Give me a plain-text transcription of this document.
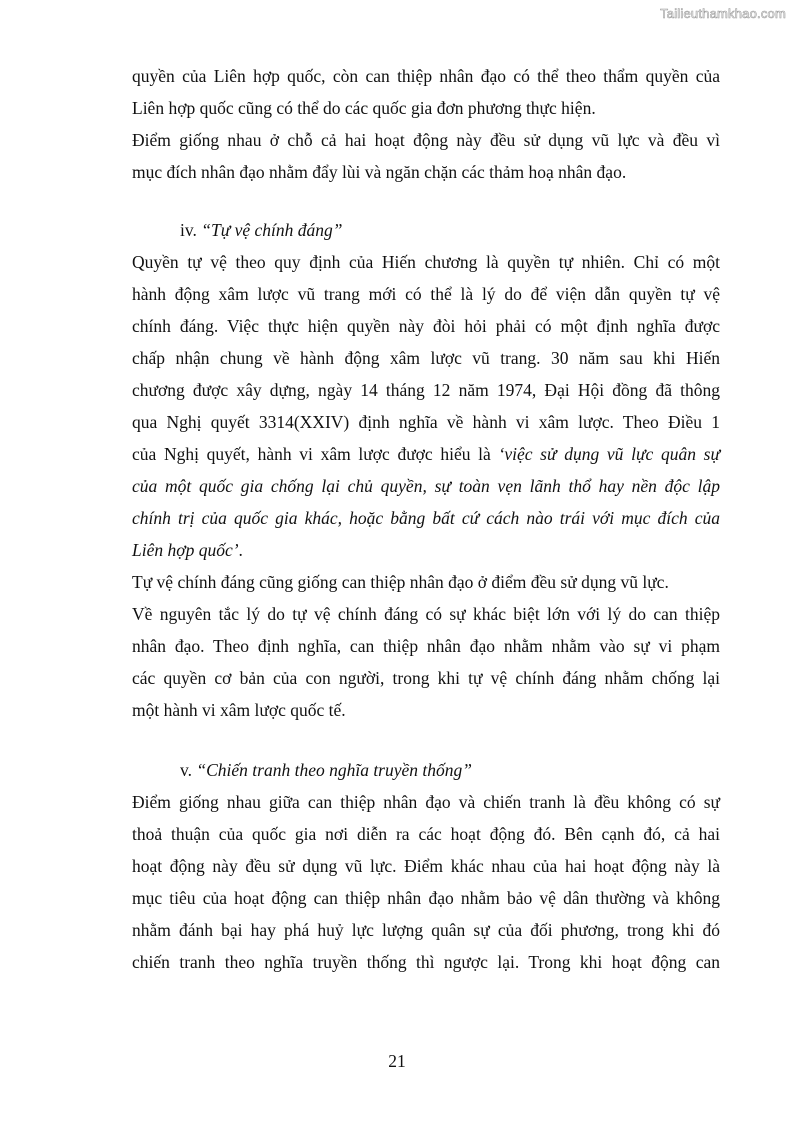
Tailieuthamkhao.com
quyền của Liên hợp quốc, còn can thiệp nhân đạo có thể theo thẩm quyền của
Liên hợp quốc cũng có thể do các quốc gia đơn phương thực hiện.
Điểm giống nhau ở chỗ cả hai hoạt động này đều sử dụng vũ lực và đều vì
mục đích nhân đạo nhằm đẩy lùi và ngăn chặn các thảm hoạ nhân đạo.
iv. “Tự vệ chính đáng”
Quyền tự vệ theo quy định của Hiến chương là quyền tự nhiên. Chỉ có một
hành động xâm lược vũ trang mới có thể là lý do để viện dẫn quyền tự vệ
chính đáng. Việc thực hiện quyền này đòi hỏi phải có một định nghĩa được
chấp nhận chung về hành động xâm lược vũ trang. 30 năm sau khi Hiến
chương được xây dựng, ngày 14 tháng 12 năm 1974, Đại Hội đồng đã thông
qua Nghị quyết 3314(XXIV) định nghĩa về hành vi xâm lược. Theo Điều 1
của Nghị quyết, hành vi xâm lược được hiểu là ‘việc sử dụng vũ lực quân sự
của một quốc gia chống lại chủ quyền, sự toàn vẹn lãnh thổ hay nền độc lập
chính trị của quốc gia khác, hoặc bằng bất cứ cách nào trái với mục đích của
Liên hợp quốc’.
Tự vệ chính đáng cũng giống can thiệp nhân đạo ở điểm đều sử dụng vũ lực.
Về nguyên tắc lý do tự vệ chính đáng có sự khác biệt lớn với lý do can thiệp
nhân đạo. Theo định nghĩa, can thiệp nhân đạo nhằm nhằm vào sự vi phạm
các quyền cơ bản của con người, trong khi tự vệ chính đáng nhằm chống lại
một hành vi xâm lược quốc tế.
v. “Chiến tranh theo nghĩa truyền thống”
Điểm giống nhau giữa can thiệp nhân đạo và chiến tranh là đều không có sự
thoả thuận của quốc gia nơi diễn ra các hoạt động đó. Bên cạnh đó, cả hai
hoạt động này đều sử dụng vũ lực. Điểm khác nhau của hai hoạt động này là
mục tiêu của hoạt động can thiệp nhân đạo nhằm bảo vệ dân thường và không
nhằm đánh bại hay phá huỷ lực lượng quân sự của đối phương, trong khi đó
chiến tranh theo nghĩa truyền thống thì ngược lại. Trong khi hoạt động can
21
